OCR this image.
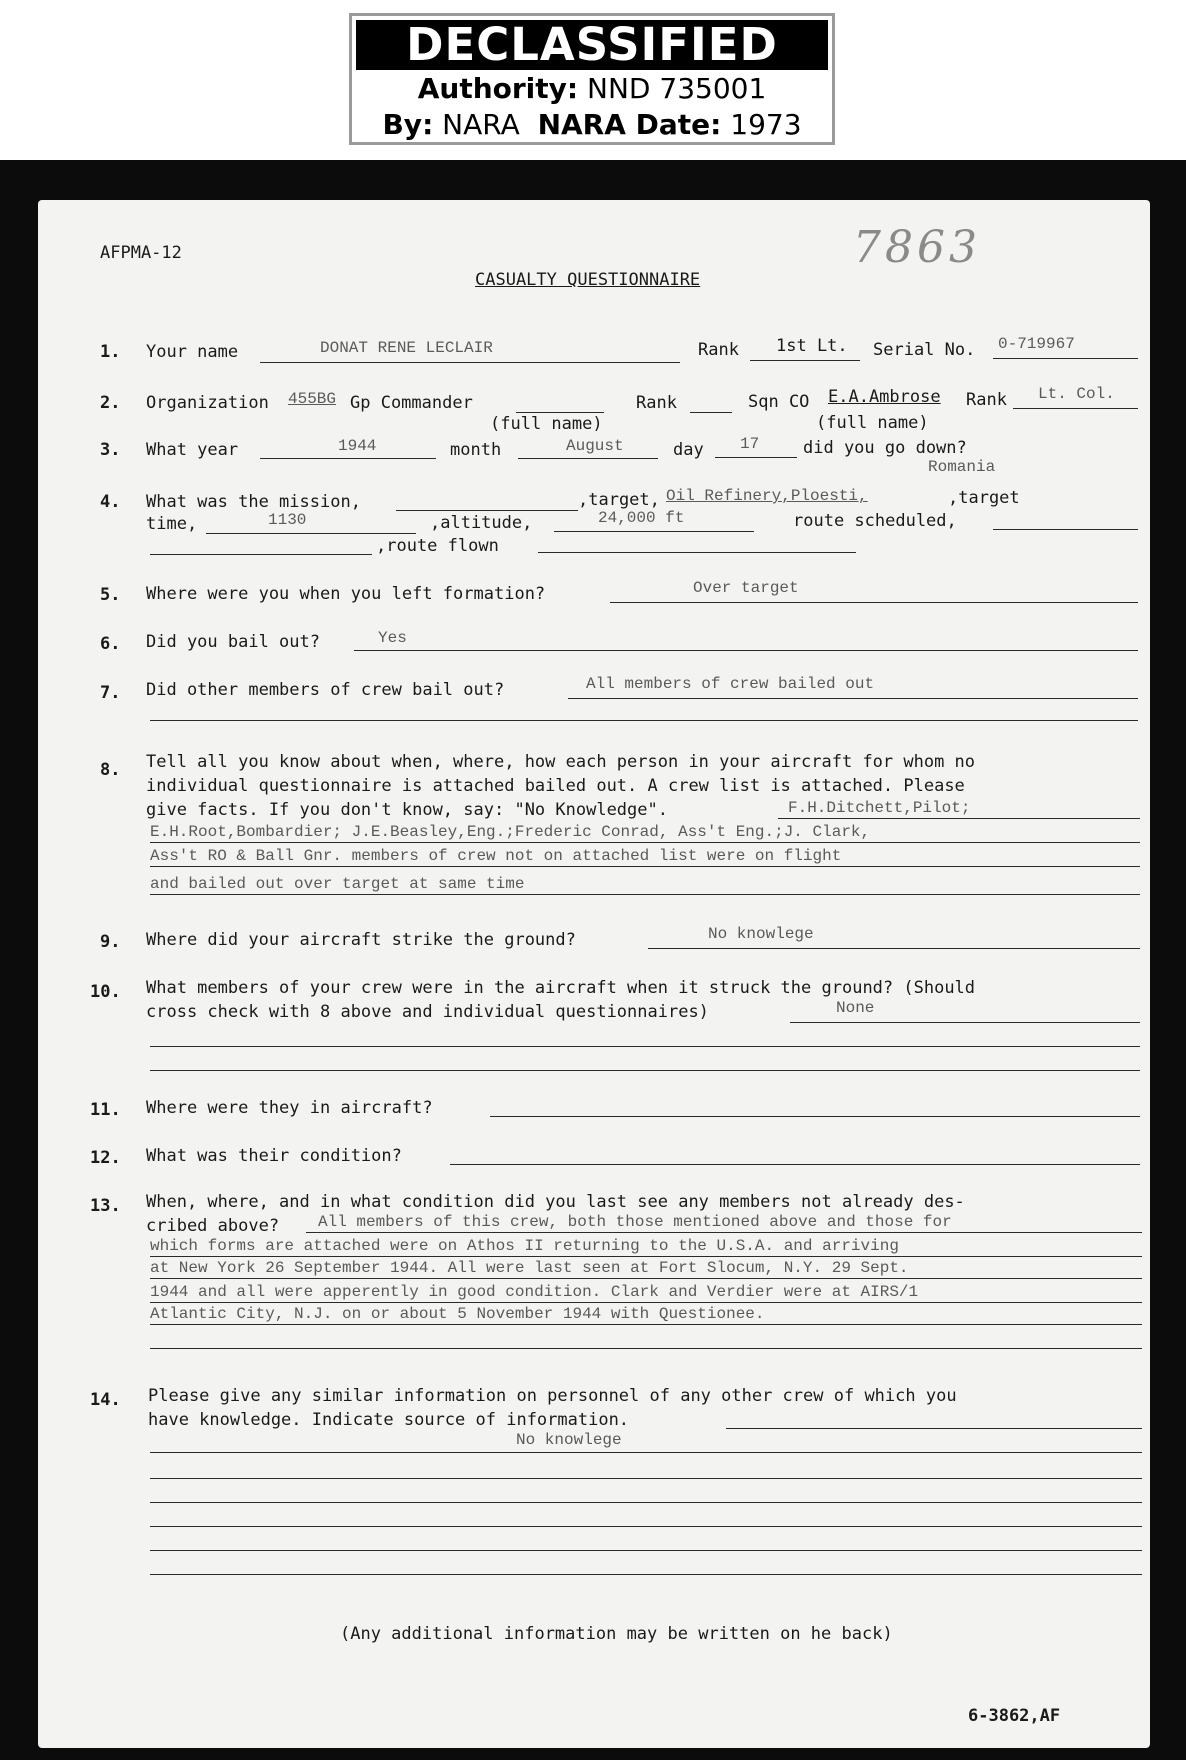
DECLASSIFIED
Authority: NND 735001
By: NARA NARA Date: 1973
AFPMA-12	7863
CASUALTY QUESTIONNAIRE
1. Your name	DONAT RENE LECLAIR	Rank 1st Lt. Serial No. 0-719967
2. Organization 455BG Gp Commander	Rank	Sqn CO E.A.Ambrose Rank Lt. Col.
(full name)	(full name)
3. What year	1944	month	August	day 17	did you go down?
Romania
4. What was the mission,	,target, Oil Refinery,Ploesti,	,target
time,	1130	,altitude,	24,000 ft	route scheduled,
,route flown
5. Where were you when you left formation?	Over target
6. Did you bail out?	Yes
7. Did other members of crew bail out?	All members of crew bailed out
8. Tell all you know about when, where, how each person in your aircraft for whom no
individual questionnaire is attached bailed out. A crew list is attached. Please
give facts. If you don't know, say: "No Knowledge".	F.H.Ditchett,Pilot;
E.H.Root,Bombardier; J.E.Beasley,Eng.;Frederic Conrad, Ass't Eng.;J. Clark,
Ass't RO & Ball Gnr. members of crew not on attached list were on flight
and bailed out over target at same time
9. Where did your aircraft strike the ground?	No knowlege
10. What members of your crew were in the aircraft when it struck the ground? (Should
cross check with 8 above and individual questionnaires)	None
11. Where were they in aircraft?
12. What was their condition?
13. When, where, and in what condition did you last see any members not already des-
cribed above? All members of this crew, both those mentioned above and those for
which forms are attached were on Athos II returning to the U.S.A. and arriving
at New York 26 September 1944. All were last seen at Fort Slocum, N.Y. 29 Sept.
1944 and all were apperently in good condition. Clark and Verdier were at AIRS/1
Atlantic City, N.J. on or about 5 November 1944 with Questionee.
14. Please give any similar information on personnel of any other crew of which you
have knowledge. Indicate source of information.
No knowlege
(Any additional information may be written on he back)
6-3862,AF
